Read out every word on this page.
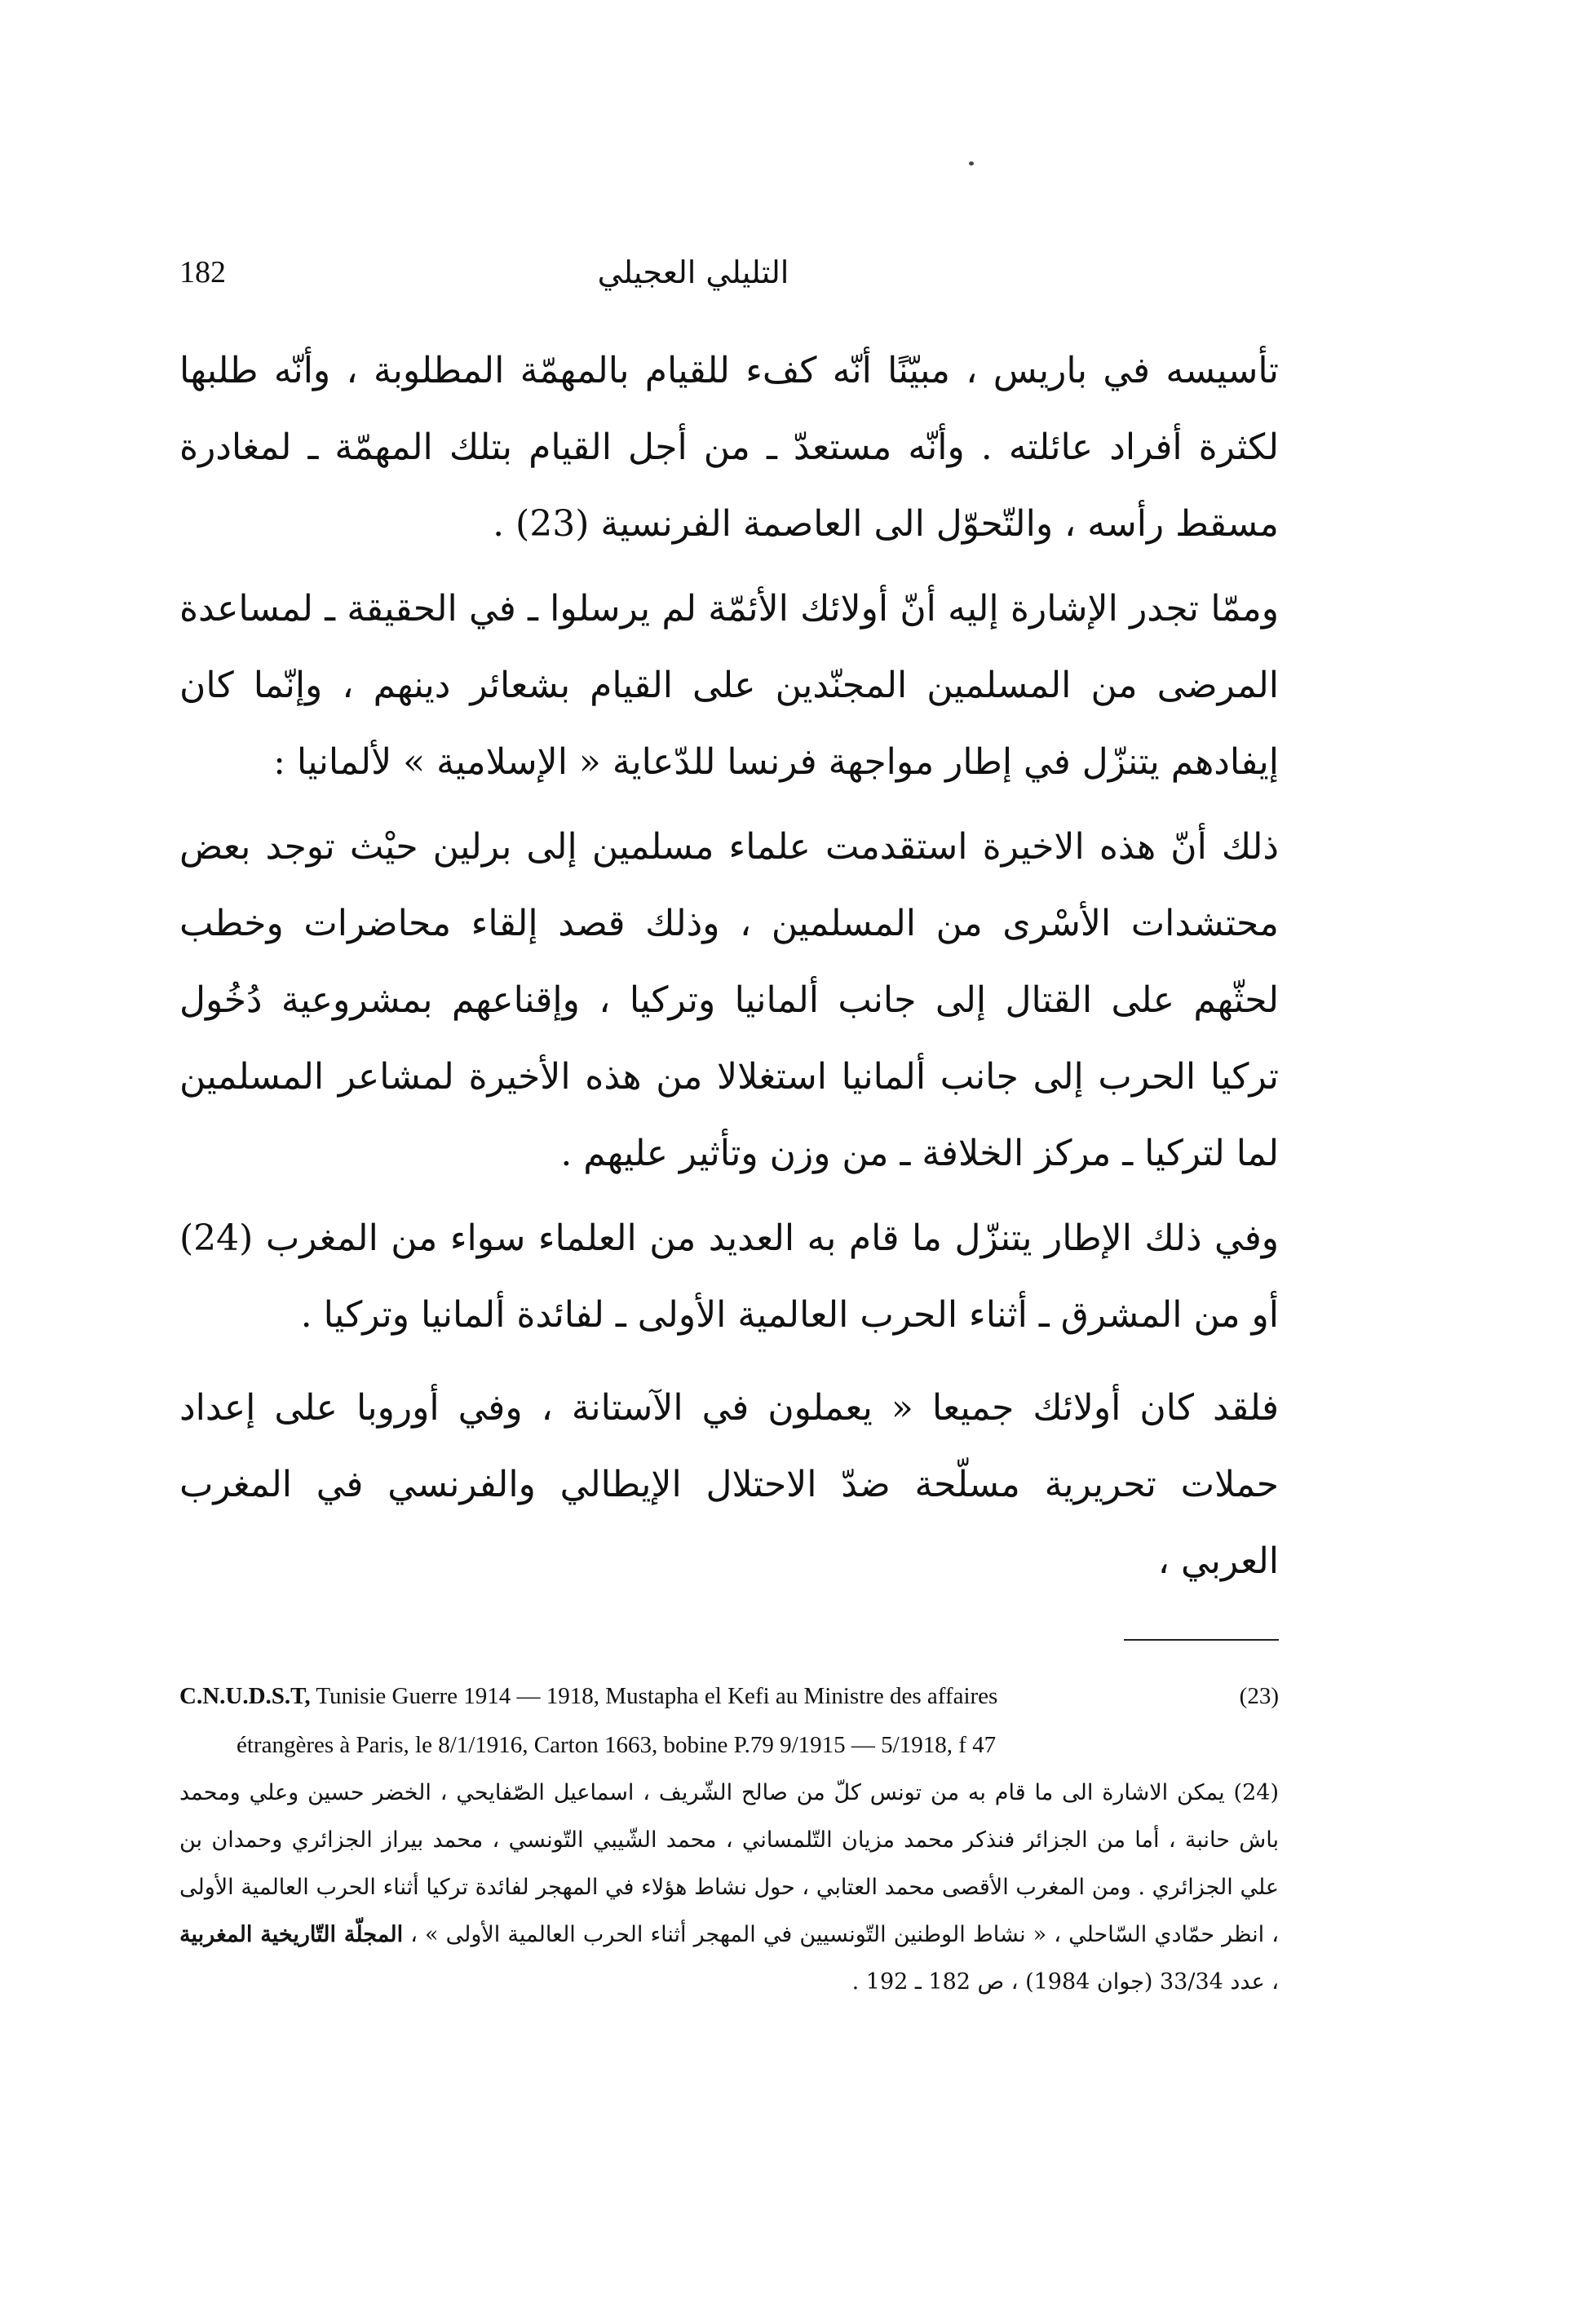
182	التليلي العجيلي

تأسيسه في باريس ، مبيّنًا أنّه كفء للقيام بالمهمّة المطلوبة ، وأنّه طلبها لكثرة أفراد عائلته . وأنّه مستعدّ ـ من أجل القيام بتلك المهمّة ـ لمغادرة مسقط رأسه ، والتّحوّل الى العاصمة الفرنسية (23) .

وممّا تجدر الإشارة إليه أنّ أولائك الأئمّة لم يرسلوا ـ في الحقيقة ـ لمساعدة المرضى من المسلمين المجنّدين على القيام بشعائر دينهم ، وإنّما كان إيفادهم يتنزّل في إطار مواجهة فرنسا للدّعاية « الإسلامية » لألمانيا :

ذلك أنّ هذه الاخيرة استقدمت علماء مسلمين إلى برلين حيْث توجد بعض محتشدات الأسْرى من المسلمين ، وذلك قصد إلقاء محاضرات وخطب لحثّهم على القتال إلى جانب ألمانيا وتركيا ، وإقناعهم بمشروعية دُخُول تركيا الحرب إلى جانب ألمانيا استغلالا من هذه الأخيرة لمشاعر المسلمين لما لتركيا ـ مركز الخلافة ـ من وزن وتأثير عليهم .

وفي ذلك الإطار يتنزّل ما قام به العديد من العلماء سواء من المغرب (24) أو من المشرق ـ أثناء الحرب العالمية الأولى ـ لفائدة ألمانيا وتركيا .

فلقد كان أولائك جميعا « يعملون في الآستانة ، وفي أوروبا على إعداد حملات تحريرية مسلّحة ضدّ الاحتلال الإيطالي والفرنسي في المغرب العربي ،

(23)
C.N.U.D.S.T, Tunisie Guerre 1914 — 1918, Mustapha el Kefi au Ministre des affaires
étrangères à Paris, le 8/1/1916, Carton 1663, bobine P.79 9/1915 — 5/1918, f 47
(24) يمكن الاشارة الى ما قام به من تونس كلّ من صالح الشّريف ، اسماعيل الصّفايحي ، الخضر حسين وعلي ومحمد باش حانبة ، أما من الجزائر فنذكر محمد مزيان التّلمساني ، محمد الشّيبي التّونسي ، محمد بيراز الجزائري وحمدان بن علي الجزائري . ومن المغرب الأقصى محمد العتابي ، حول نشاط هؤلاء في المهجر لفائدة تركيا أثناء الحرب العالمية الأولى ، انظر حمّادي السّاحلي ، « نشاط الوطنين التّونسيين في المهجر أثناء الحرب العالمية الأولى » ، المجلّة التّاريخية المغربية ، عدد 33/34 (جوان 1984) ، ص 182 ـ 192 .
